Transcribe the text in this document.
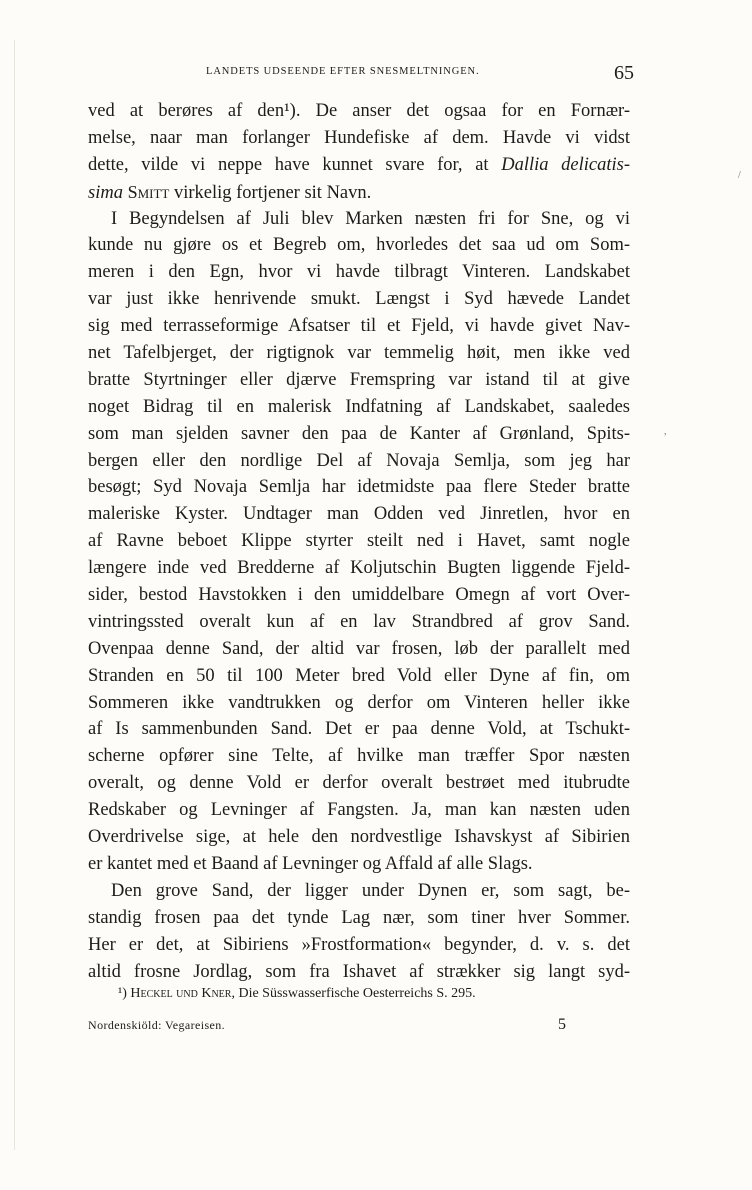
LANDETS UDSEENDE EFTER SNESMELTNINGEN.	65
ved at berøres af den¹). De anser det ogsaa for en Fornær-
melse, naar man forlanger Hundefiske af dem. Havde vi vidst
dette, vilde vi neppe have kunnet svare for, at Dallia delicatis-
sima Smitt virkelig fortjener sit Navn.
I Begyndelsen af Juli blev Marken næsten fri for Sne, og vi
kunde nu gjøre os et Begreb om, hvorledes det saa ud om Som-
meren i den Egn, hvor vi havde tilbragt Vinteren. Landskabet
var just ikke henrivende smukt. Længst i Syd hævede Landet
sig med terrasseformige Afsatser til et Fjeld, vi havde givet Nav-
net Tafelbjerget, der rigtignok var temmelig høit, men ikke ved
bratte Styrtninger eller djærve Fremspring var istand til at give
noget Bidrag til en malerisk Indfatning af Landskabet, saaledes
som man sjelden savner den paa de Kanter af Grønland, Spits-
bergen eller den nordlige Del af Novaja Semlja, som jeg har
besøgt; Syd Novaja Semlja har idetmidste paa flere Steder bratte
maleriske Kyster. Undtager man Odden ved Jinretlen, hvor en
af Ravne beboet Klippe styrter steilt ned i Havet, samt nogle
længere inde ved Bredderne af Koljutschin Bugten liggende Fjeld-
sider, bestod Havstokken i den umiddelbare Omegn af vort Over-
vintringssted overalt kun af en lav Strandbred af grov Sand.
Ovenpaa denne Sand, der altid var frosen, løb der parallelt med
Stranden en 50 til 100 Meter bred Vold eller Dyne af fin, om
Sommeren ikke vandtrukken og derfor om Vinteren heller ikke
af Is sammenbunden Sand. Det er paa denne Vold, at Tschukt-
scherne opfører sine Telte, af hvilke man træffer Spor næsten
overalt, og denne Vold er derfor overalt bestrøet med itubrudte
Redskaber og Levninger af Fangsten. Ja, man kan næsten uden
Overdrivelse sige, at hele den nordvestlige Ishavskyst af Sibirien
er kantet med et Baand af Levninger og Affald af alle Slags.
Den grove Sand, der ligger under Dynen er, som sagt, be-
standig frosen paa det tynde Lag nær, som tiner hver Sommer.
Her er det, at Sibiriens »Frostformation« begynder, d. v. s. det
altid frosne Jordlag, som fra Ishavet af strækker sig langt syd-
¹) Heckel und Kner, Die Süsswasserfische Oesterreichs S. 295.
Nordenskiöld: Vegareisen.	5
/
,
